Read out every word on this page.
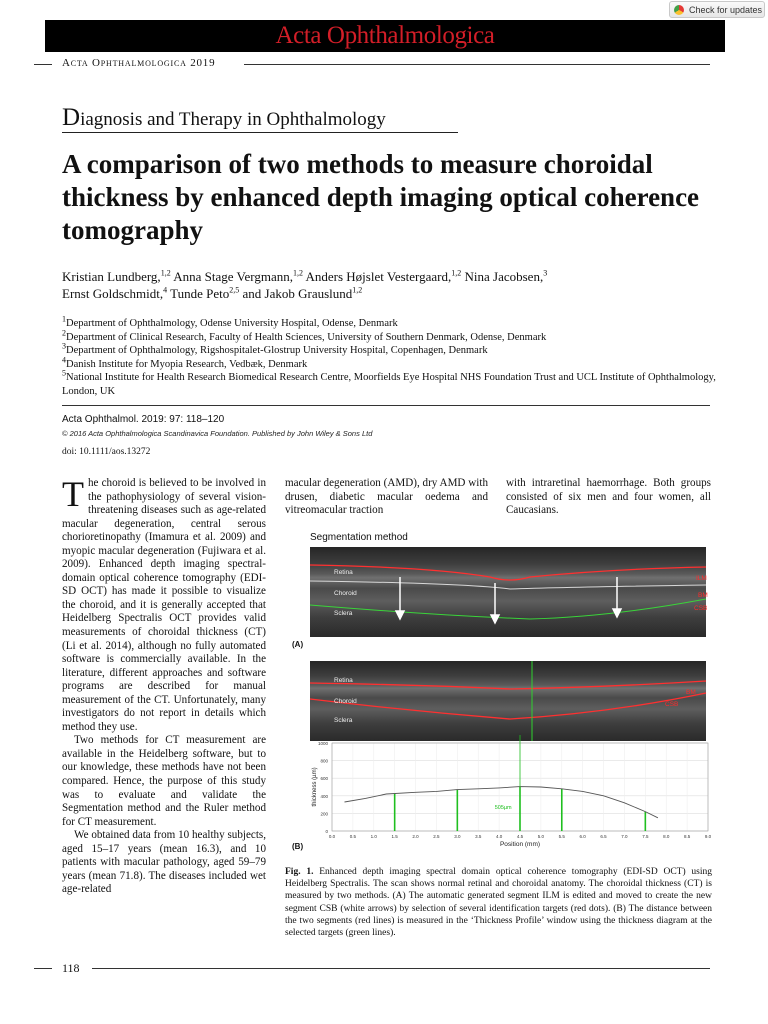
Check for updates
Acta Ophthalmologica
Acta Ophthalmologica 2019
Diagnosis and Therapy in Ophthalmology
A comparison of two methods to measure choroidal thickness by enhanced depth imaging optical coherence tomography
Kristian Lundberg,$^{1,2}$ Anna Stage Vergmann,$^{1,2}$ Anders Højslet Vestergaard,$^{1,2}$ Nina Jacobsen,$^3$
Ernst Goldschmidt,$^4$ Tunde Peto$^{2,5}$ and Jakob Grauslund$^{1,2}$
$^1$Department of Ophthalmology, Odense University Hospital, Odense, Denmark
$^2$Department of Clinical Research, Faculty of Health Sciences, University of Southern Denmark, Odense, Denmark
$^3$Department of Ophthalmology, Rigshospitalet-Glostrup University Hospital, Copenhagen, Denmark
$^4$Danish Institute for Myopia Research, Vedbæk, Denmark
$^5$National Institute for Health Research Biomedical Research Centre, Moorfields Eye Hospital NHS Foundation Trust and UCL Institute of Ophthalmology, London, UK
Acta Ophthalmol. 2019: 97: 118–120
© 2016 Acta Ophthalmologica Scandinavica Foundation. Published by John Wiley & Sons Ltd
doi: 10.1111/aos.13272

The choroid is believed to be involved in the pathophysiology of several vision-threatening diseases such as age-related macular degeneration, central serous chorioretinopathy (Imamura et al. 2009) and myopic macular degeneration (Fujiwara et al. 2009). Enhanced depth imaging spectral-domain optical coherence tomography (EDI-SD OCT) has made it possible to visualize the choroid, and it is generally accepted that Heidelberg Spectralis OCT provides valid measurements of choroidal thickness (CT) (Li et al. 2014), although no fully automated software is commercially available. In the literature, different approaches and software programs are described for manual measurement of the CT. Unfortunately, many investigators do not report in details which method they use.

Two methods for CT measurement are available in the Heidelberg software, but to our knowledge, these methods have not been compared. Hence, the purpose of this study was to evaluate and validate the Segmentation method and the Ruler method for CT measurement.

We obtained data from 10 healthy subjects, aged 15–17 years (mean 16.3), and 10 patients with macular pathology, aged 59–79 years (mean 71.8). The diseases included wet age-related

macular degeneration (AMD), dry AMD with drusen, diabetic macular oedema and vitreomacular traction

with intraretinal haemorrhage. Both groups consisted of six men and four women, all Caucasians.

Segmentation method
Retina
Choroid
Sclera
ILM
BM
CSB
(A)
Retina
Choroid
Sclera
BM
CSB
0
200
400
600
800
1000
0.0	0.5	1.0	1.5	2.0	2.5	3.0	3.5	4.0	4.5	5.0	5.5	6.0	6.5	7.0	7.5	8.0	8.5	9.0
505µm
Position (mm)
thickness (µm)
(B)
Fig. 1. Enhanced depth imaging spectral domain optical coherence tomography (EDI-SD OCT) using Heidelberg Spectralis. The scan shows normal retinal and choroidal anatomy. The choroidal thickness (CT) is measured by two methods. (A) The automatic generated segment ILM is edited and moved to create the new segment CSB (white arrows) by selection of several identification targets (red dots). (B) The distance between the two segments (red lines) is measured in the ‘Thickness Profile’ window using the thickness diagram at the selected targets (green lines).
118
